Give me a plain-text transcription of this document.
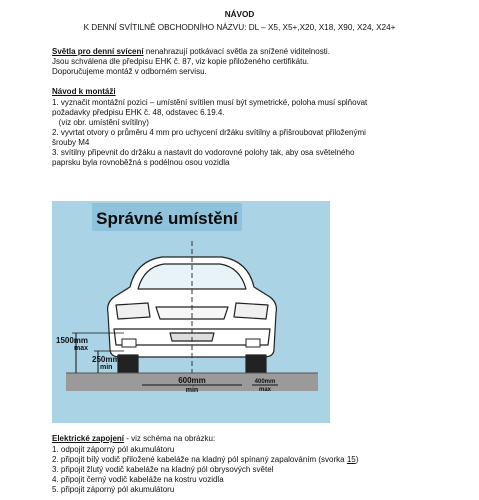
NÁVOD
K DENNÍ SVÍTILNĚ OBCHODNÍHO NÁZVU: DL – X5, X5+,X20, X18, X90, X24, X24+
Světla pro denní svícení nenahrazují potkávací světla za snížené viditelnosti.
Jsou schválena dle předpisu EHK č. 87, viz kopie přiloženého certifikátu.
Doporučujeme montáž v odborném servisu.
Návod k montáži
1. vyznačit montážní pozici – umístění svítilen musí být symetrické, poloha musí splňovat
požadavky předpisu EHK č. 48, odstavec 6.19.4.
(viz obr. umístění svítilny)
2. vyvrtat otvory o průměru 4 mm pro uchycení držáku svítilny a přišroubovat přiloženými
šrouby M4
3. svítilny připevnit do držáku a nastavit do vodorovné polohy tak, aby osa světelného
paprsku byla rovnoběžná s podélnou osou vozidla
Správné umístění
1500mm
max
250mm
min
600mm
min
400mm
max
Elektrické zapojení - viz schéma na obrázku:
1. odpojit záporný pól akumulátoru
2. připojit bílý vodič přiložené kabeláže na kladný pól spínaný zapalováním (svorka 15)
3. připojit žlutý vodič kabeláže na kladný pól obrysových světel
4. připojit černý vodič kabeláže na kostru vozidla
5. připojit záporný pól akumulátoru
